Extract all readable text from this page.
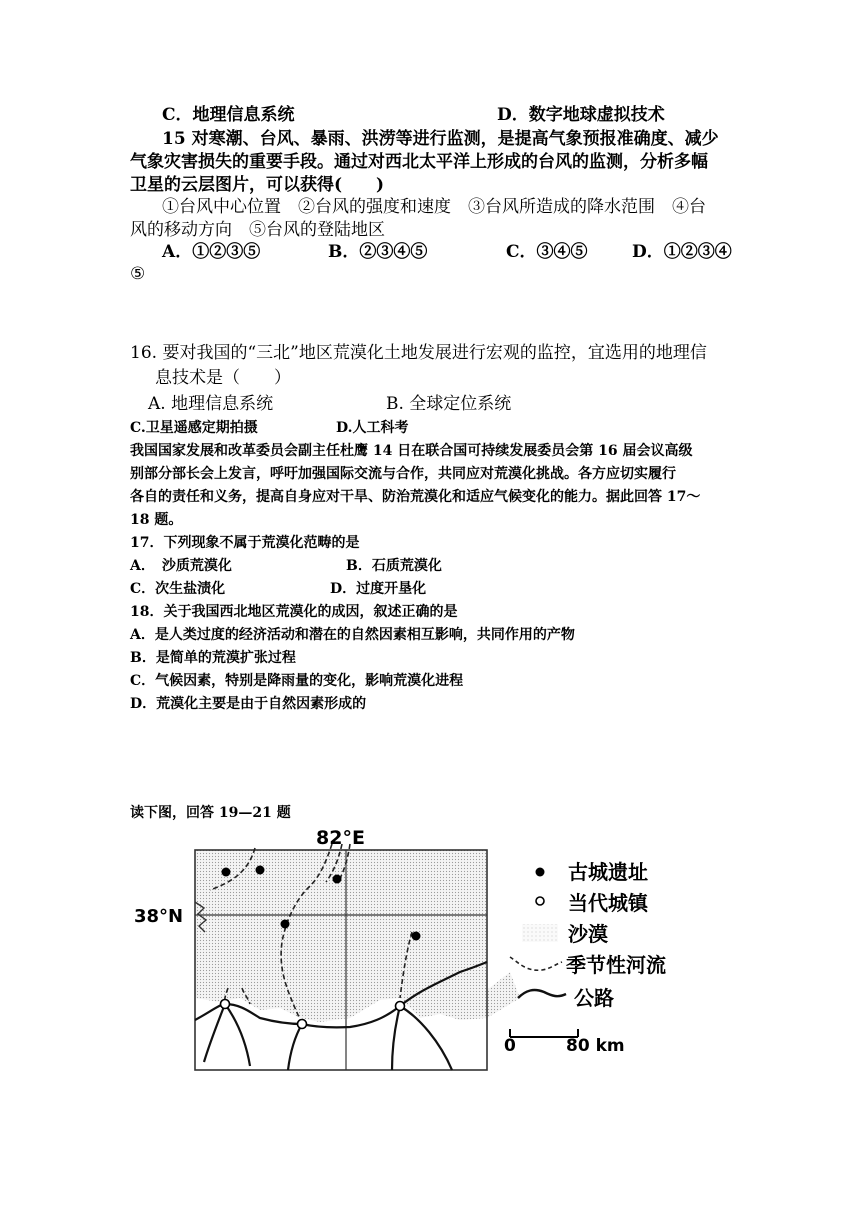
C．地理信息系统	D．数字地球虚拟技术
15 对寒潮、台风、暴雨、洪涝等进行监测，是提高气象预报准确度、减少
气象灾害损失的重要手段。通过对西北太平洋上形成的台风的监测，分析多幅
卫星的云层图片，可以获得(　　)
①台风中心位置　②台风的强度和速度　③台风所造成的降水范围　④台
风的移动方向　⑤台风的登陆地区
A．①②③⑤	B．②③④⑤	C．③④⑤	D．①②③④
⑤
16. 要对我国的“三北”地区荒漠化土地发展进行宏观的监控，宜选用的地理信
息技术是（　　）
A. 地理信息系统	B. 全球定位系统
C.卫星遥感定期拍摄	D.人工科考
我国国家发展和改革委员会副主任杜鹰 14 日在联合国可持续发展委员会第 16 届会议高级
别部分部长会上发言，呼吁加强国际交流与合作，共同应对荒漠化挑战。各方应切实履行
各自的责任和义务，提高自身应对干旱、防治荒漠化和适应气候变化的能力。据此回答 17～
18 题。
17．下列现象不属于荒漠化范畴的是
A．　沙质荒漠化	B．石质荒漠化
C．次生盐渍化	D．过度开垦化
18．关于我国西北地区荒漠化的成因，叙述正确的是
A．是人类过度的经济活动和潜在的自然因素相互影响，共同作用的产物
B．是简单的荒漠扩张过程
C．气候因素，特别是降雨量的变化，影响荒漠化进程
D．荒漠化主要是由于自然因素形成的
读下图，回答 19—21 题
82°E
38°N
古城遗址
当代城镇
沙漠
季节性河流
公路
0	80 km
